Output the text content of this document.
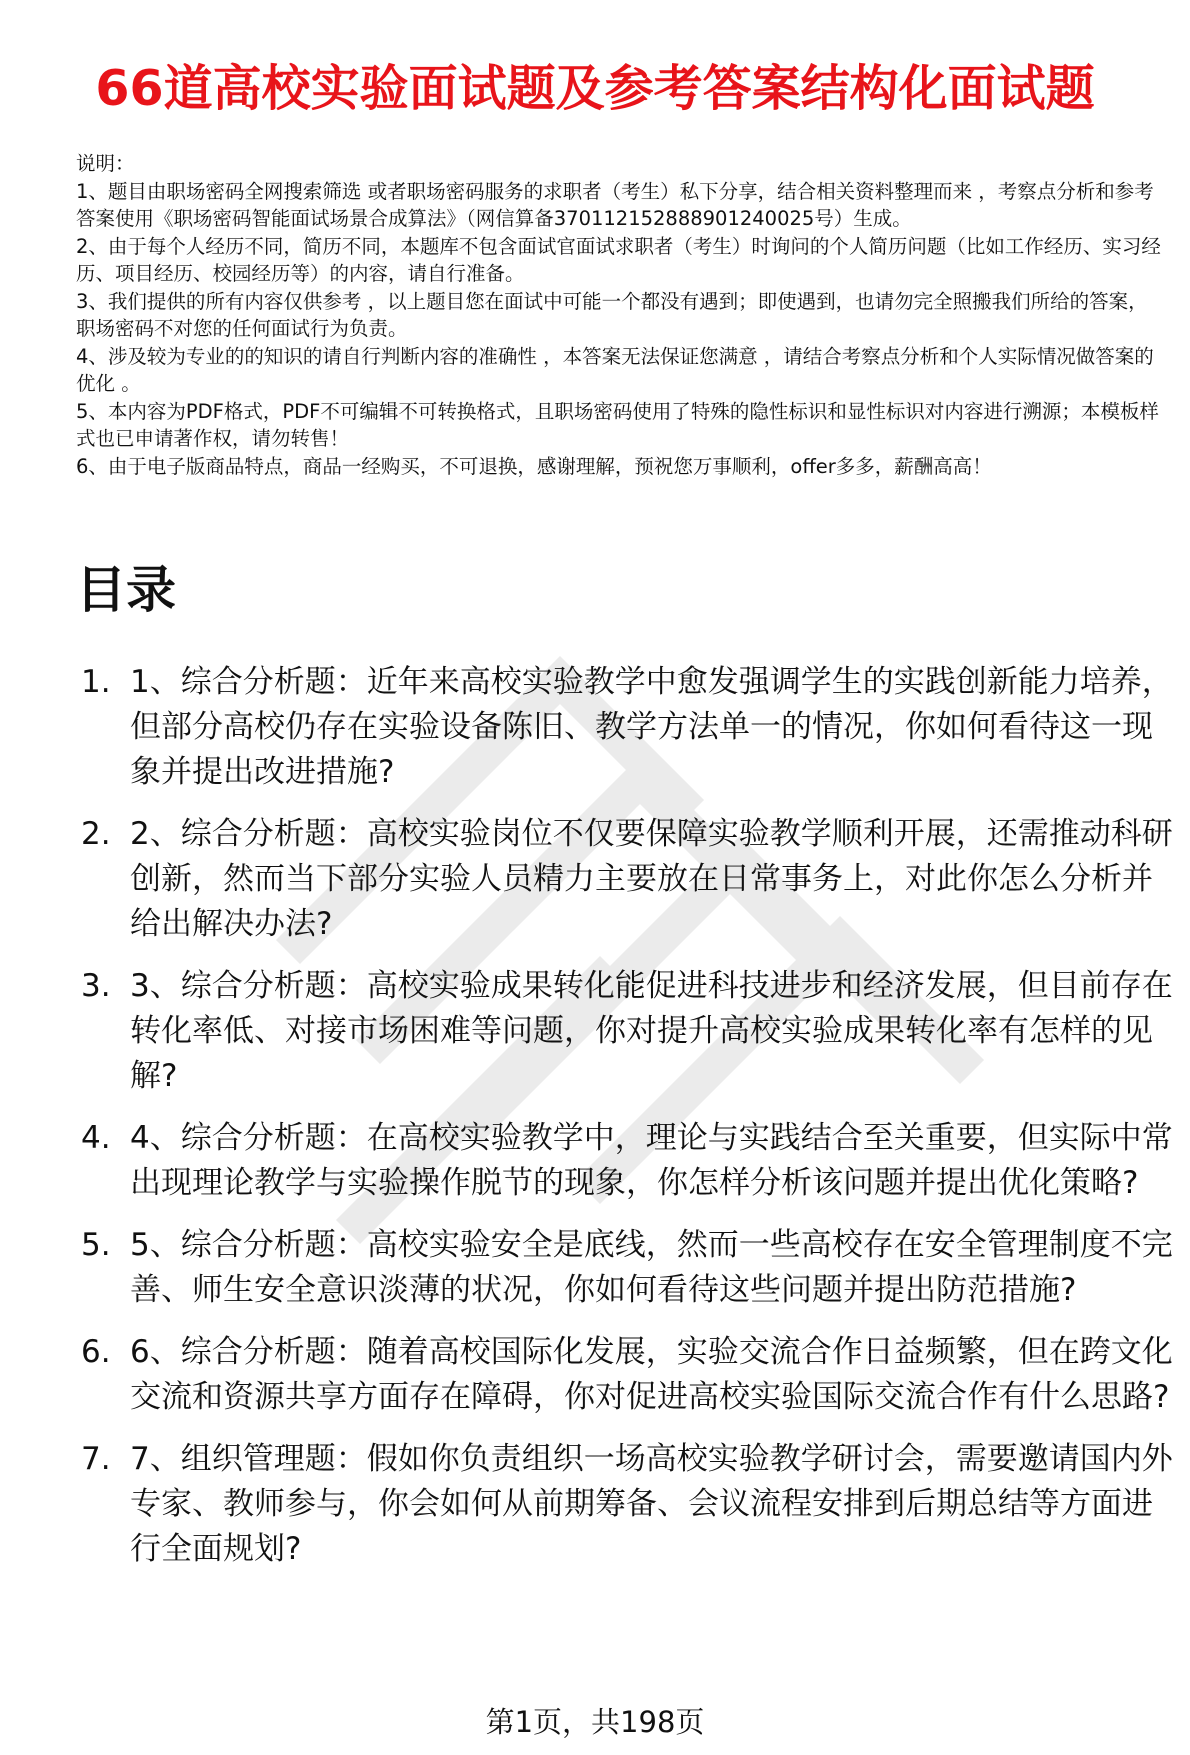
66道高校实验面试题及参考答案结构化面试题

说明：

1、题目由职场密码全网搜索筛选 或者职场密码服务的求职者（考生）私下分享，结合相关资料整理而来 ，考察点分析和参考答案使用《职场密码智能面试场景合成算法》（网信算备370112152888901240025号）生成。

2、由于每个人经历不同，简历不同，本题库不包含面试官面试求职者（考生）时询问的个人简历问题（比如工作经历、实习经历、项目经历、校园经历等）的内容，请自行准备。

3、我们提供的所有内容仅供参考 ，以上题目您在面试中可能一个都没有遇到；即使遇到，也请勿完全照搬我们所给的答案，职场密码不对您的任何面试行为负责。

4、涉及较为专业的的知识的请自行判断内容的准确性 ，本答案无法保证您满意 ，请结合考察点分析和个人实际情况做答案的优化 。

5、本内容为PDF格式，PDF不可编辑不可转换格式，且职场密码使用了特殊的隐性标识和显性标识对内容进行溯源；本模板样式也已申请著作权，请勿转售！

6、由于电子版商品特点，商品一经购买，不可退换，感谢理解，预祝您万事顺利，offer多多，薪酬高高！

目录
1. 1、综合分析题：近年来高校实验教学中愈发强调学生的实践创新能力培养，但部分高校仍存在实验设备陈旧、教学方法单一的情况，你如何看待这一现象并提出改进措施?
2. 2、综合分析题：高校实验岗位不仅要保障实验教学顺利开展，还需推动科研创新，然而当下部分实验人员精力主要放在日常事务上，对此你怎么分析并给出解决办法?
3. 3、综合分析题：高校实验成果转化能促进科技进步和经济发展，但目前存在转化率低、对接市场困难等问题，你对提升高校实验成果转化率有怎样的见解?
4. 4、综合分析题：在高校实验教学中，理论与实践结合至关重要，但实际中常出现理论教学与实验操作脱节的现象，你怎样分析该问题并提出优化策略?
5. 5、综合分析题：高校实验安全是底线，然而一些高校存在安全管理制度不完善、师生安全意识淡薄的状况，你如何看待这些问题并提出防范措施?
6. 6、综合分析题：随着高校国际化发展，实验交流合作日益频繁，但在跨文化交流和资源共享方面存在障碍，你对促进高校实验国际交流合作有什么思路?
7. 7、组织管理题：假如你负责组织一场高校实验教学研讨会，需要邀请国内外专家、教师参与，你会如何从前期筹备、会议流程安排到后期总结等方面进行全面规划?
第1页，共198页
